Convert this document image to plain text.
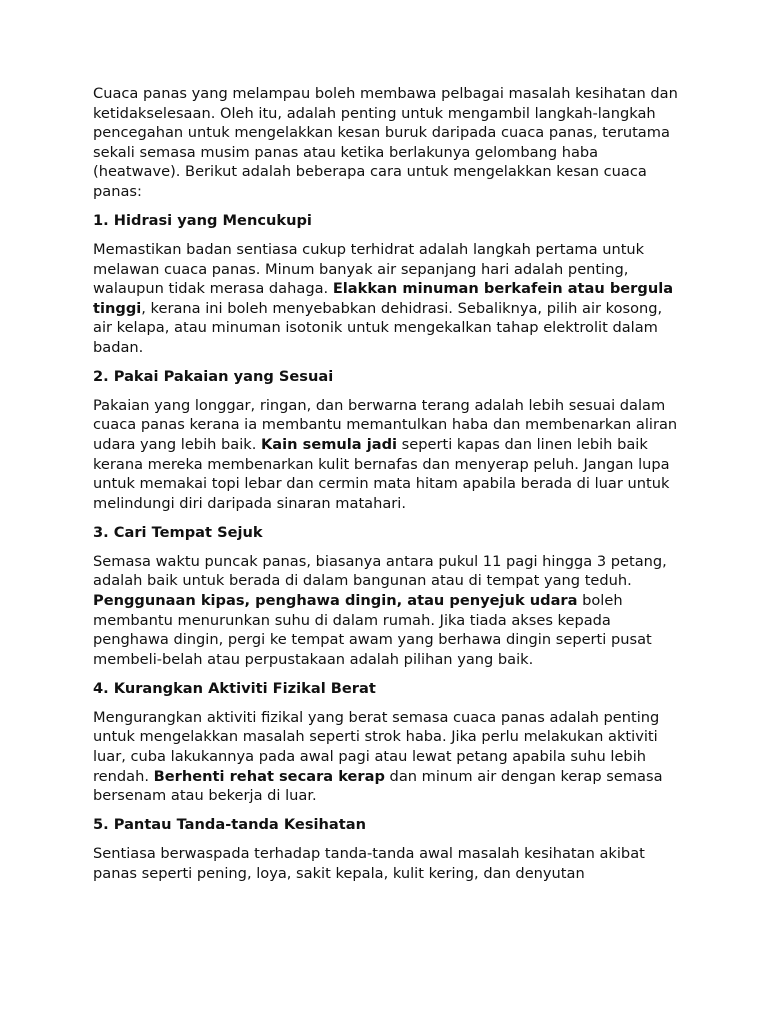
Cuaca panas yang melampau boleh membawa pelbagai masalah kesihatan dan ketidakselesaan. Oleh itu, adalah penting untuk mengambil langkah-langkah pencegahan untuk mengelakkan kesan buruk daripada cuaca panas, terutama sekali semasa musim panas atau ketika berlakunya gelombang haba (heatwave). Berikut adalah beberapa cara untuk mengelakkan kesan cuaca panas:

1. Hidrasi yang Mencukupi

Memastikan badan sentiasa cukup terhidrat adalah langkah pertama untuk melawan cuaca panas. Minum banyak air sepanjang hari adalah penting, walaupun tidak merasa dahaga. Elakkan minuman berkafein atau bergula tinggi, kerana ini boleh menyebabkan dehidrasi. Sebaliknya, pilih air kosong, air kelapa, atau minuman isotonik untuk mengekalkan tahap elektrolit dalam badan.

2. Pakai Pakaian yang Sesuai

Pakaian yang longgar, ringan, dan berwarna terang adalah lebih sesuai dalam cuaca panas kerana ia membantu memantulkan haba dan membenarkan aliran udara yang lebih baik. Kain semula jadi seperti kapas dan linen lebih baik kerana mereka membenarkan kulit bernafas dan menyerap peluh. Jangan lupa untuk memakai topi lebar dan cermin mata hitam apabila berada di luar untuk melindungi diri daripada sinaran matahari.

3. Cari Tempat Sejuk

Semasa waktu puncak panas, biasanya antara pukul 11 pagi hingga 3 petang, adalah baik untuk berada di dalam bangunan atau di tempat yang teduh. Penggunaan kipas, penghawa dingin, atau penyejuk udara boleh membantu menurunkan suhu di dalam rumah. Jika tiada akses kepada penghawa dingin, pergi ke tempat awam yang berhawa dingin seperti pusat membeli-belah atau perpustakaan adalah pilihan yang baik.

4. Kurangkan Aktiviti Fizikal Berat

Mengurangkan aktiviti fizikal yang berat semasa cuaca panas adalah penting untuk mengelakkan masalah seperti strok haba. Jika perlu melakukan aktiviti luar, cuba lakukannya pada awal pagi atau lewat petang apabila suhu lebih rendah. Berhenti rehat secara kerap dan minum air dengan kerap semasa bersenam atau bekerja di luar.

5. Pantau Tanda-tanda Kesihatan

Sentiasa berwaspada terhadap tanda-tanda awal masalah kesihatan akibat panas seperti pening, loya, sakit kepala, kulit kering, dan denyutan
